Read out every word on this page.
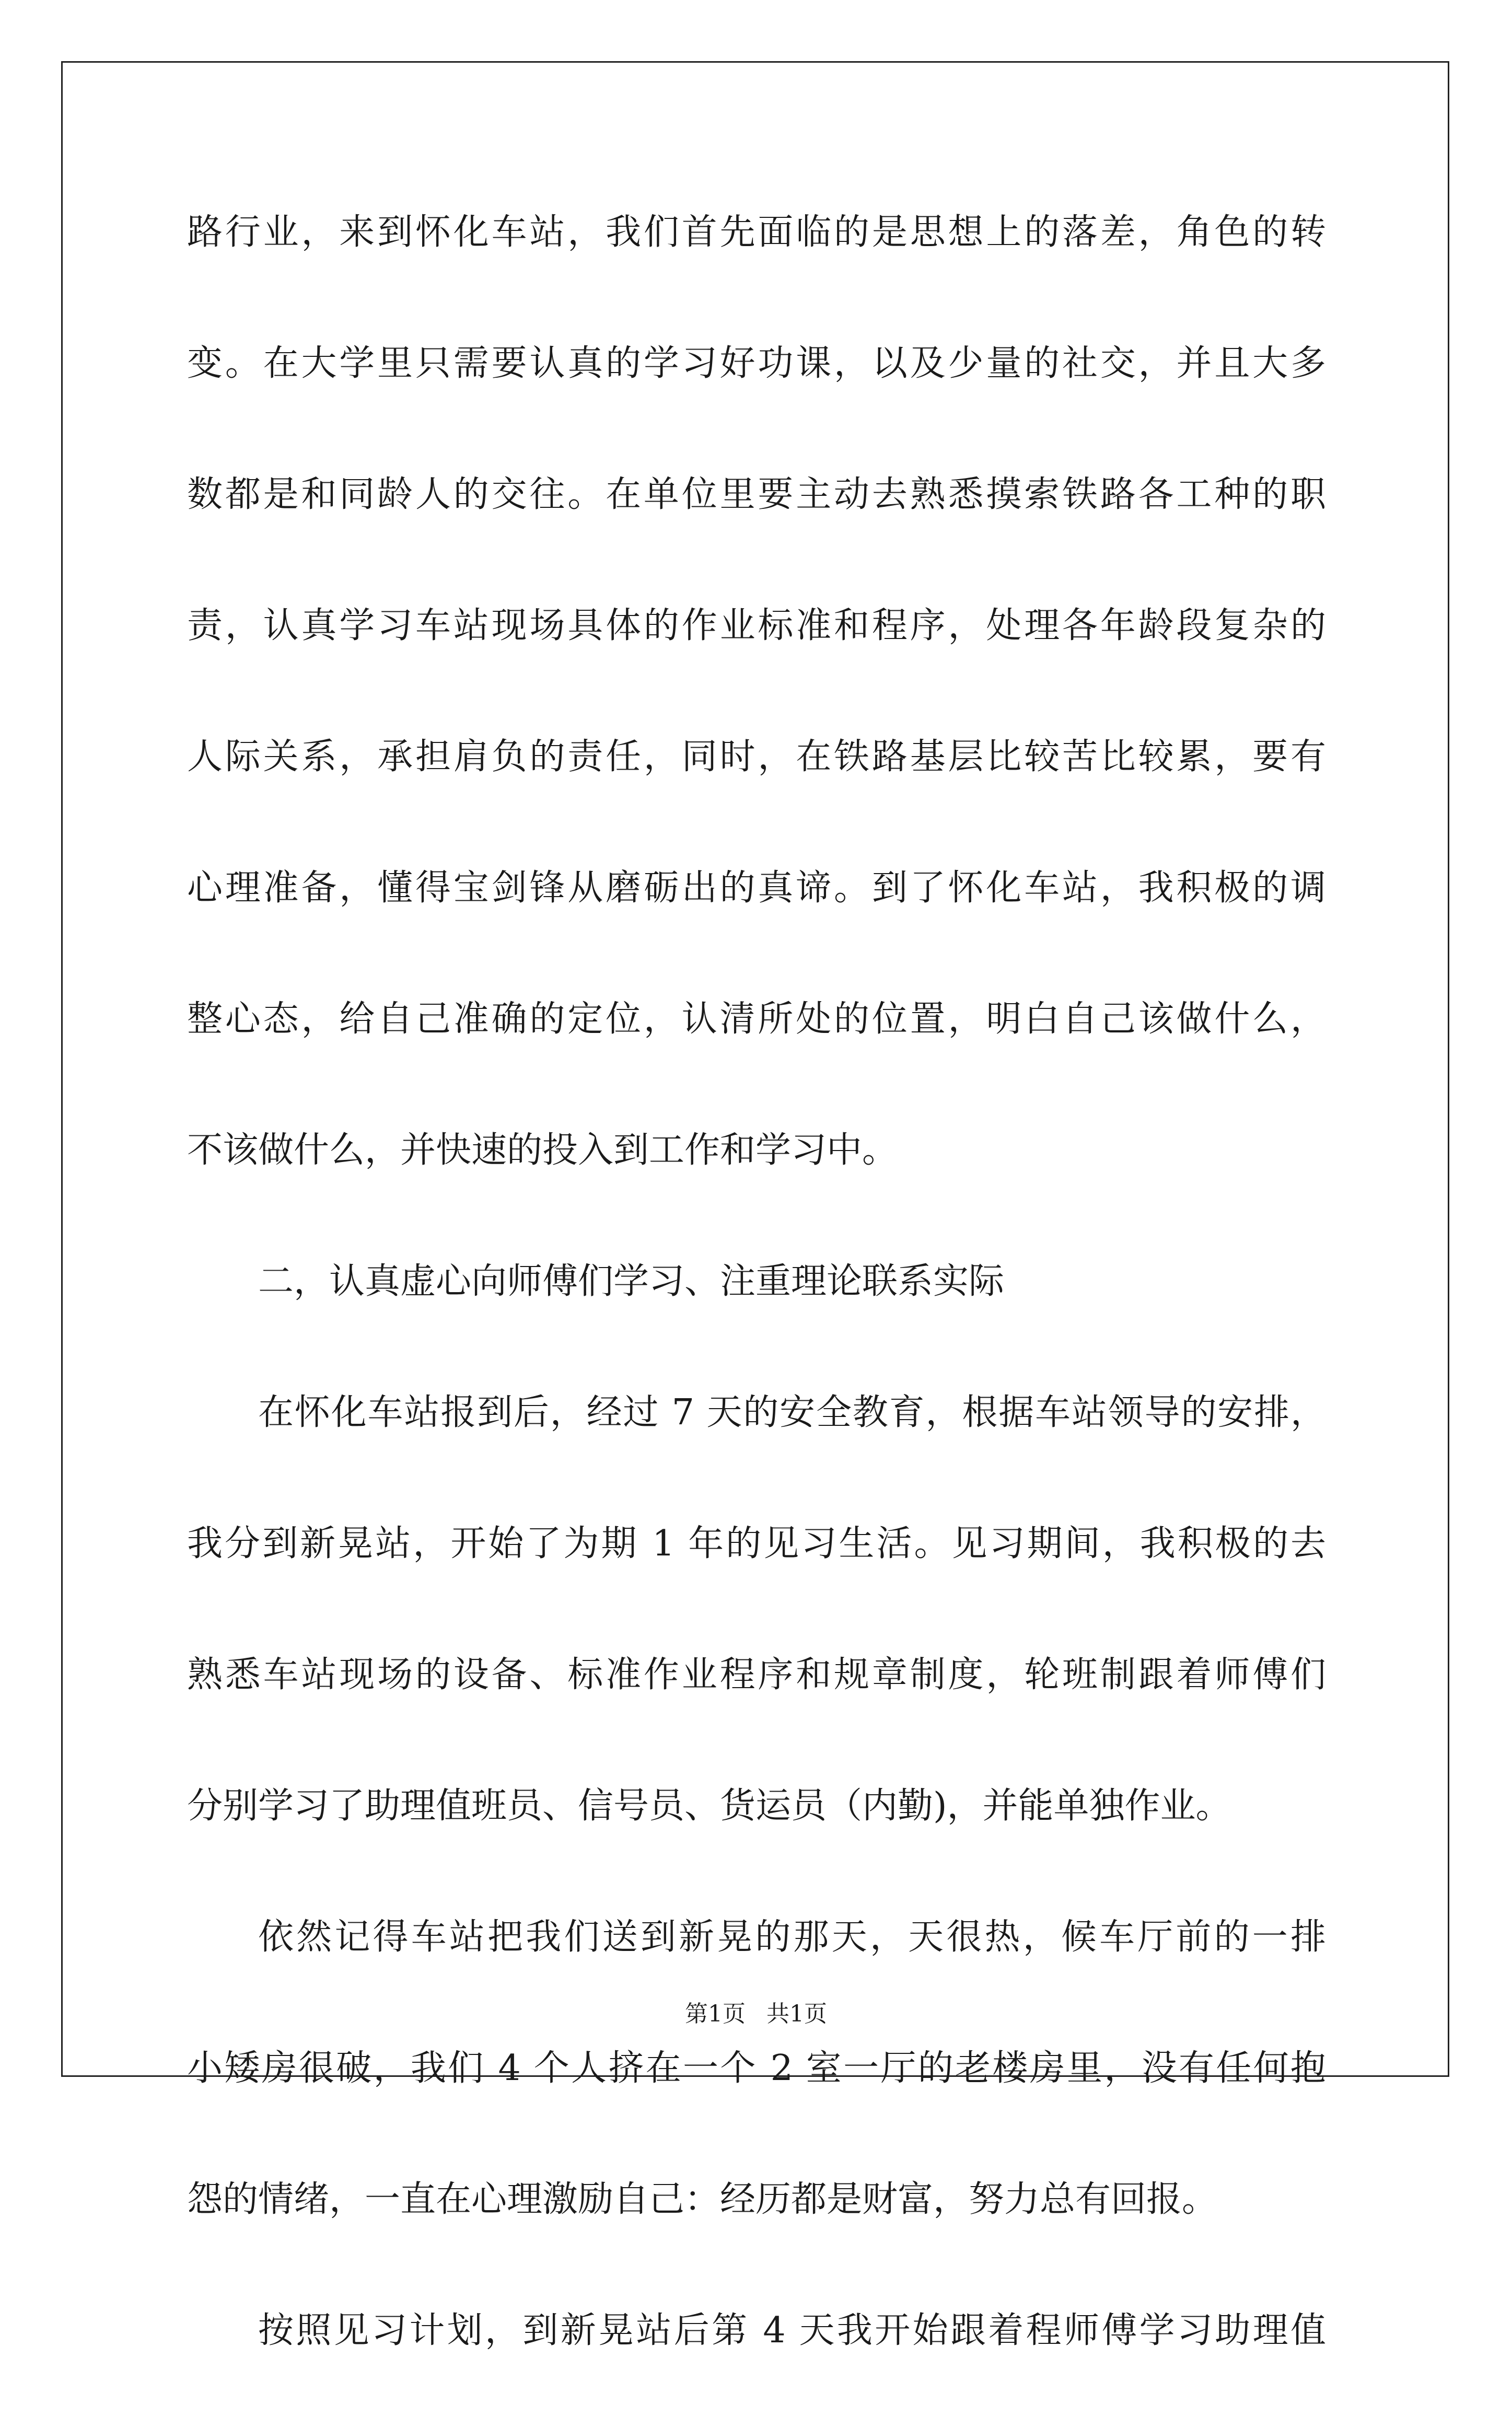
路行业，来到怀化车站，我们首先面临的是思想上的落差，角色的转
变。在大学里只需要认真的学习好功课，以及少量的社交，并且大多
数都是和同龄人的交往。在单位里要主动去熟悉摸索铁路各工种的职
责，认真学习车站现场具体的作业标准和程序，处理各年龄段复杂的
人际关系，承担肩负的责任，同时，在铁路基层比较苦比较累，要有
心理准备，懂得宝剑锋从磨砺出的真谛。到了怀化车站，我积极的调
整心态，给自己准确的定位，认清所处的位置，明白自己该做什么，
不该做什么，并快速的投入到工作和学习中。
二，认真虚心向师傅们学习、注重理论联系实际
在怀化车站报到后，经过 7 天的安全教育，根据车站领导的安排，
我分到新晃站，开始了为期 1 年的见习生活。见习期间，我积极的去
熟悉车站现场的设备、标准作业程序和规章制度，轮班制跟着师傅们
分别学习了助理值班员、信号员、货运员（内勤)，并能单独作业。
依然记得车站把我们送到新晃的那天，天很热，候车厅前的一排
小矮房很破，我们 4 个人挤在一个 2 室一厅的老楼房里，没有任何抱
怨的情绪，一直在心理激励自己：经历都是财富，努力总有回报。
按照见习计划，到新晃站后第 4 天我开始跟着程师傅学习助理值
第1页 共1页
